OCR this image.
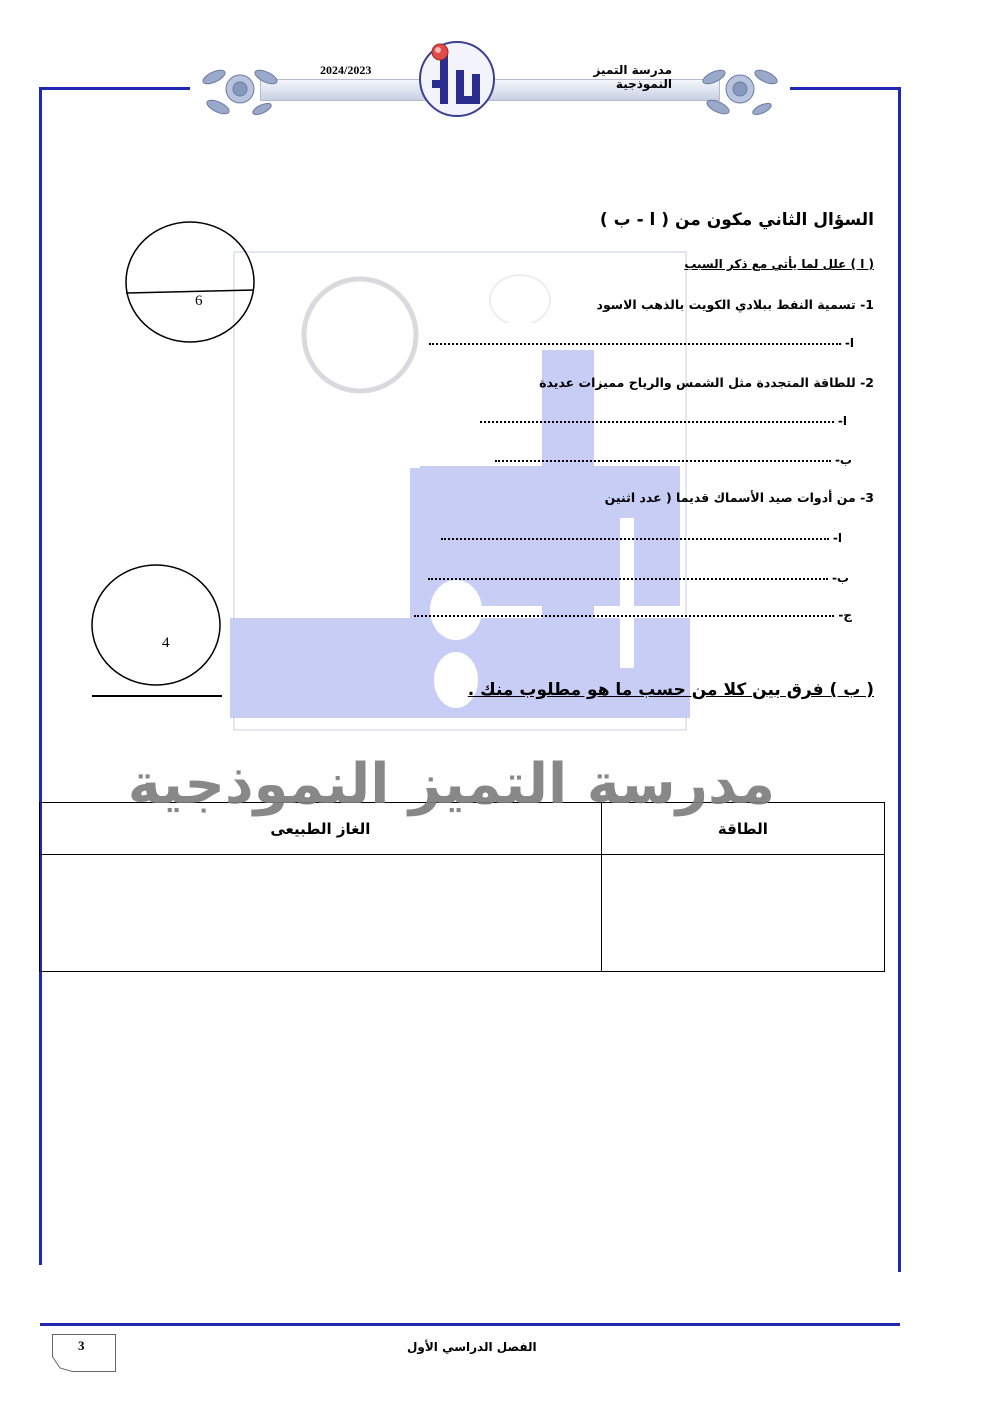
2024/2023	مدرسة التميز النموذجية
السؤال الثاني مكون من ( ا - ب )
( ا ) علل لما يأتي مع ذكر السبب
1- تسمية النفط ببلادي الكويت بالذهب الاسود
ا-
2- للطاقة المتجددة مثل الشمس والرياح مميزات عديدة
ا-
ب-
3- من أدوات صيد الأسماك قديما ( عدد اثنين
ا-
ب-
ج-
( ب ) فرق بين كلا من حسب ما هو مطلوب منك .
6
4
الطاقة	الغاز الطبيعى

مدرسة التميز النموذجية
الفصل الدراسي الأول
3
